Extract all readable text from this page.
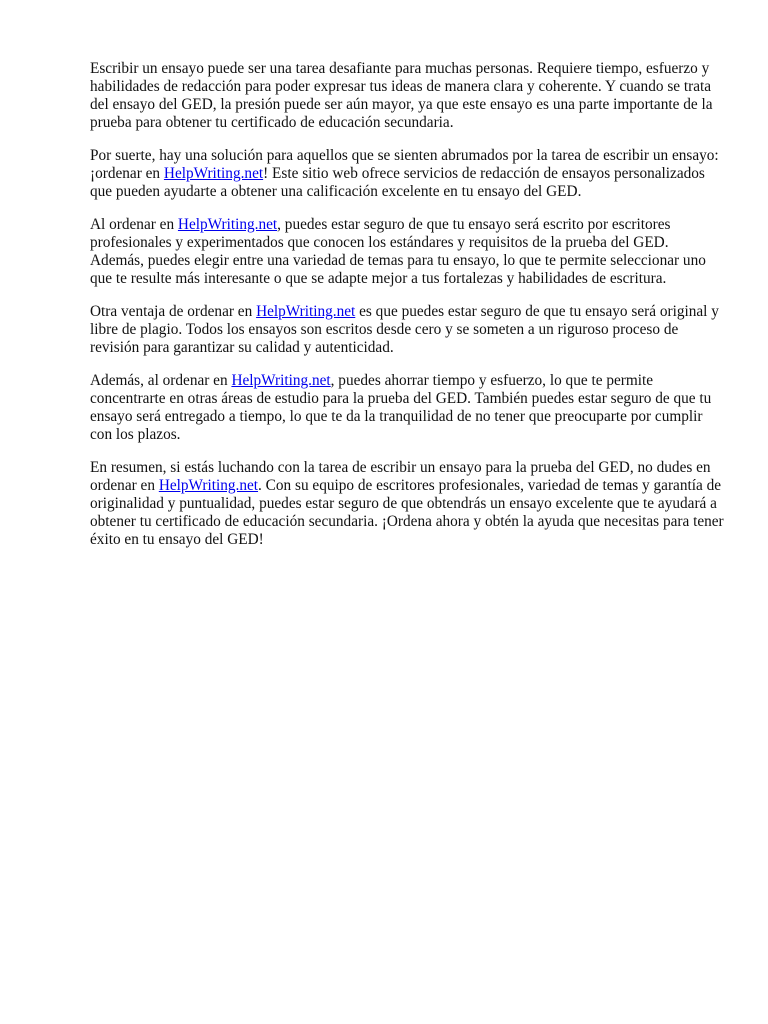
Escribir un ensayo puede ser una tarea desafiante para muchas personas. Requiere tiempo, esfuerzo y habilidades de redacción para poder expresar tus ideas de manera clara y coherente. Y cuando se trata del ensayo del GED, la presión puede ser aún mayor, ya que este ensayo es una parte importante de la prueba para obtener tu certificado de educación secundaria.

Por suerte, hay una solución para aquellos que se sienten abrumados por la tarea de escribir un ensayo: ¡ordenar en HelpWriting.net! Este sitio web ofrece servicios de redacción de ensayos personalizados que pueden ayudarte a obtener una calificación excelente en tu ensayo del GED.

Al ordenar en HelpWriting.net, puedes estar seguro de que tu ensayo será escrito por escritores profesionales y experimentados que conocen los estándares y requisitos de la prueba del GED. Además, puedes elegir entre una variedad de temas para tu ensayo, lo que te permite seleccionar uno que te resulte más interesante o que se adapte mejor a tus fortalezas y habilidades de escritura.

Otra ventaja de ordenar en HelpWriting.net es que puedes estar seguro de que tu ensayo será original y libre de plagio. Todos los ensayos son escritos desde cero y se someten a un riguroso proceso de revisión para garantizar su calidad y autenticidad.

Además, al ordenar en HelpWriting.net, puedes ahorrar tiempo y esfuerzo, lo que te permite concentrarte en otras áreas de estudio para la prueba del GED. También puedes estar seguro de que tu ensayo será entregado a tiempo, lo que te da la tranquilidad de no tener que preocuparte por cumplir con los plazos.

En resumen, si estás luchando con la tarea de escribir un ensayo para la prueba del GED, no dudes en ordenar en HelpWriting.net. Con su equipo de escritores profesionales, variedad de temas y garantía de originalidad y puntualidad, puedes estar seguro de que obtendrás un ensayo excelente que te ayudará a obtener tu certificado de educación secundaria. ¡Ordena ahora y obtén la ayuda que necesitas para tener éxito en tu ensayo del GED!
